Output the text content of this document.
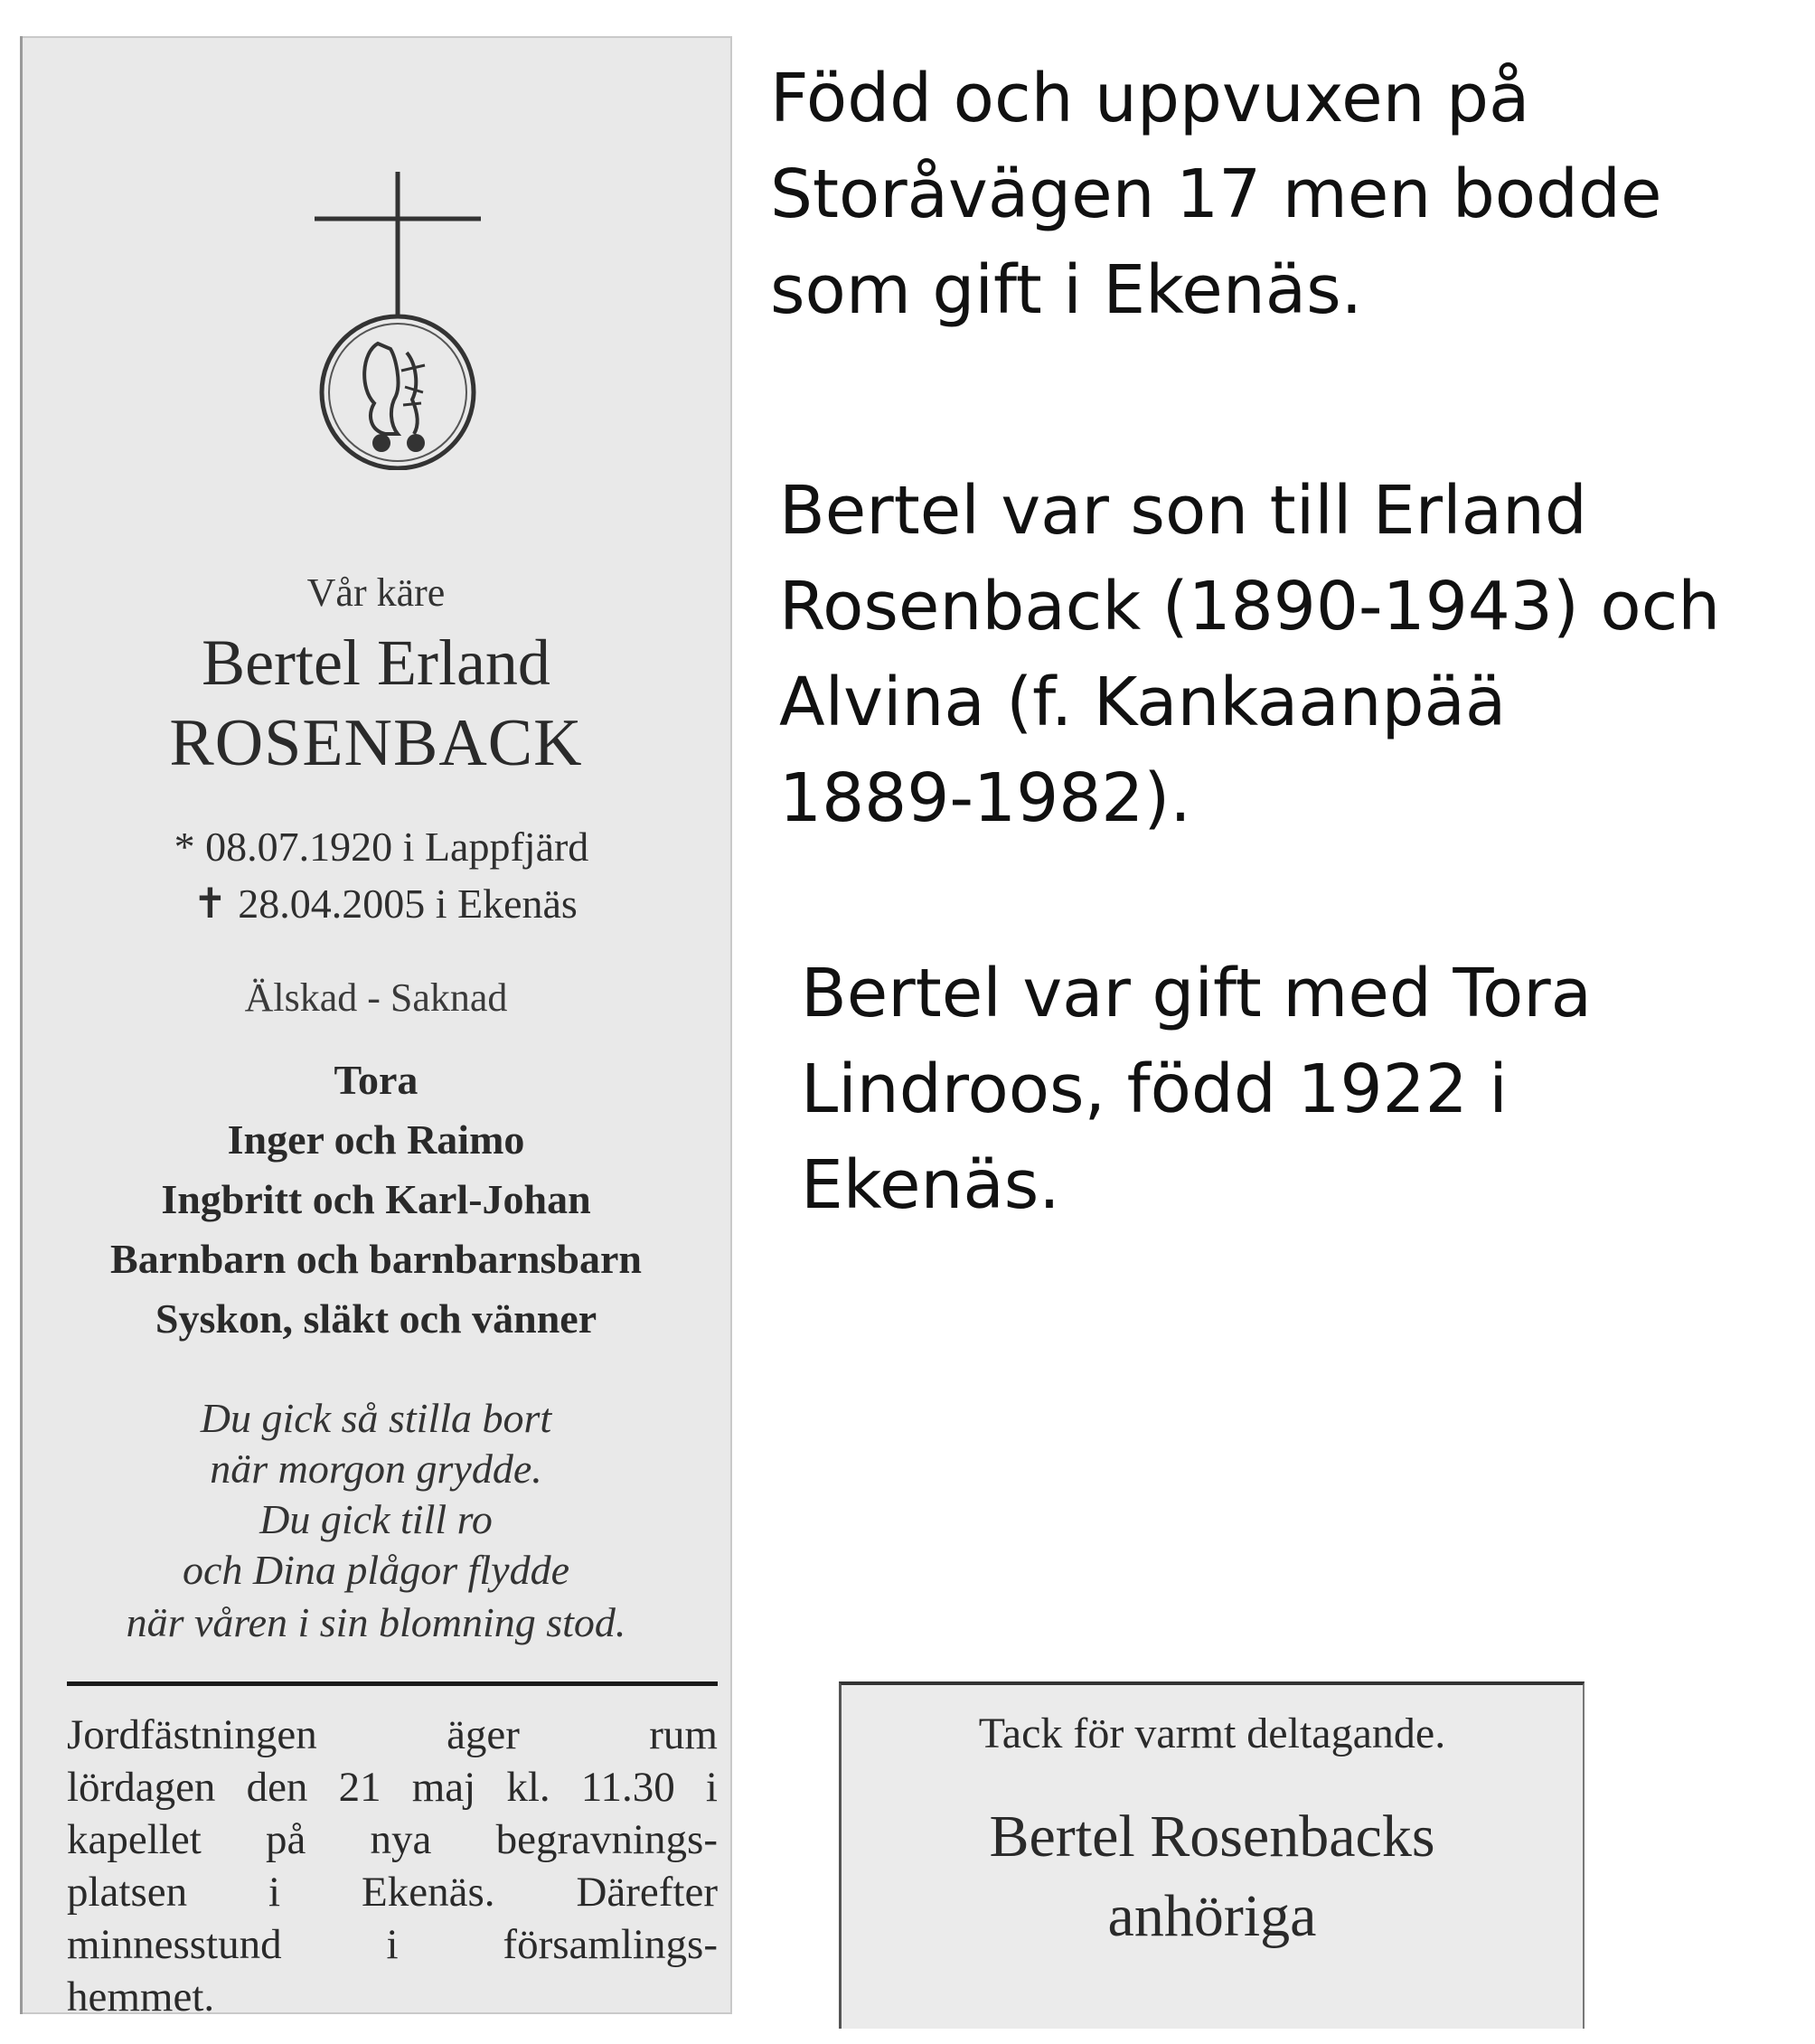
Vår käre
Bertel Erland
ROSENBACK
* 08.07.1920 i Lappfjärd
✝ 28.04.2005 i Ekenäs
Älskad - Saknad
Tora
Inger och Raimo
Ingbritt och Karl-Johan
Barnbarn och barnbarnsbarn
Syskon, släkt och vänner
Du gick så stilla bort
när morgon grydde.
Du gick till ro
och Dina plågor flydde
när våren i sin blomning stod.
Jordfästningen äger rum
lördagen den 21 maj kl. 11.30 i
kapellet på nya begravnings-
platsen i Ekenäs. Därefter
minnesstund i församlings-
hemmet.
Tack för varmt deltagande.
Bertel Rosenbacks
anhöriga
Född och uppvuxen på
Storåvägen 17 men bodde
som gift i Ekenäs.
Bertel var son till Erland
Rosenback (1890-1943) och
Alvina (f. Kankaanpää
1889-1982).
Bertel var gift med Tora
Lindroos, född 1922 i
Ekenäs.
